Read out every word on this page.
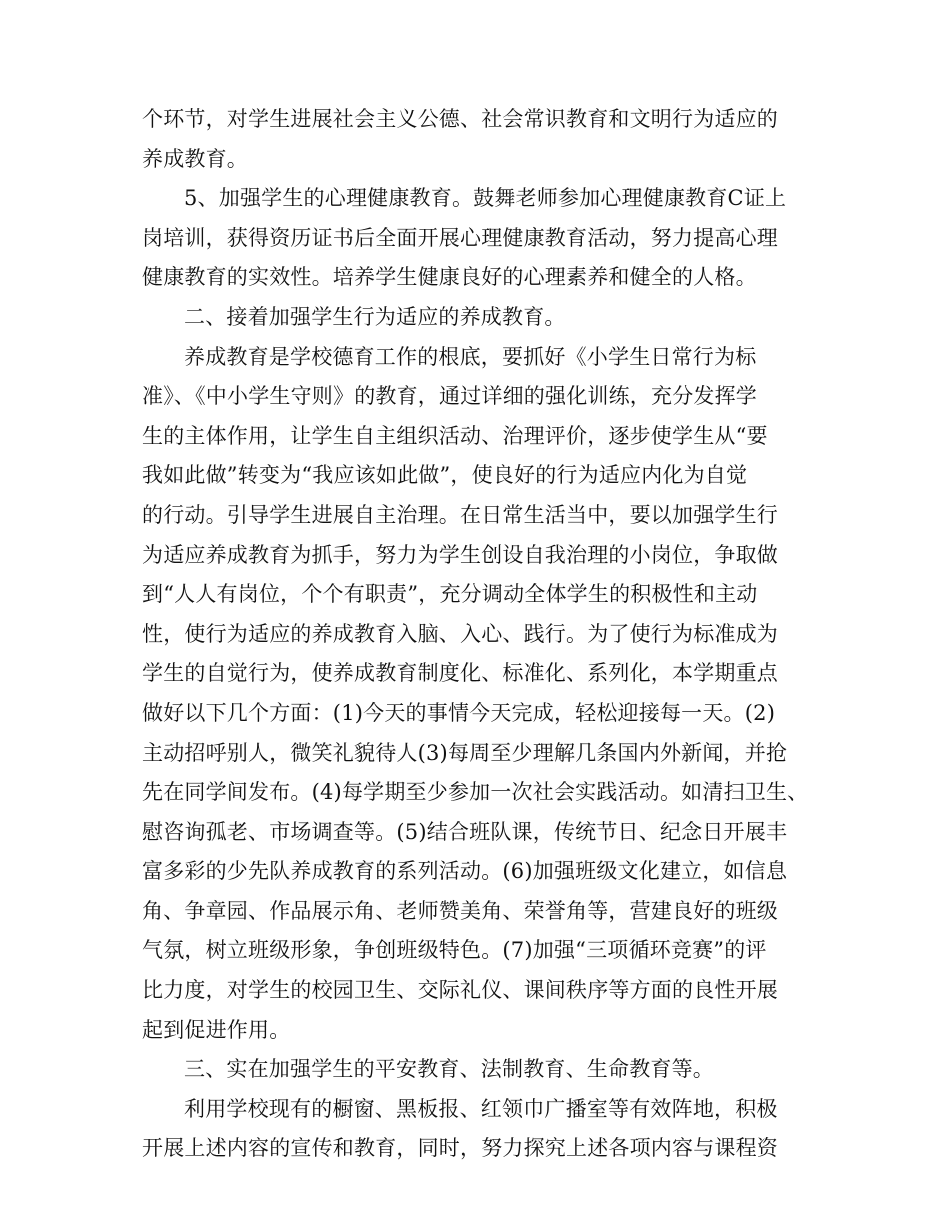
个环节，对学生进展社会主义公德、社会常识教育和文明行为适应的
养成教育。
5、加强学生的心理健康教育。鼓舞老师参加心理健康教育C证上
岗培训，获得资历证书后全面开展心理健康教育活动，努力提高心理
健康教育的实效性。培养学生健康良好的心理素养和健全的人格。
二、接着加强学生行为适应的养成教育。
养成教育是学校德育工作的根底，要抓好《小学生日常行为标
准》、《中小学生守则》的教育，通过详细的强化训练，充分发挥学
生的主体作用，让学生自主组织活动、治理评价，逐步使学生从“要
我如此做”转变为“我应该如此做”，使良好的行为适应内化为自觉
的行动。引导学生进展自主治理。在日常生活当中，要以加强学生行
为适应养成教育为抓手，努力为学生创设自我治理的小岗位，争取做
到“人人有岗位，个个有职责”，充分调动全体学生的积极性和主动
性，使行为适应的养成教育入脑、入心、践行。为了使行为标准成为
学生的自觉行为，使养成教育制度化、标准化、系列化，本学期重点
做好以下几个方面：(1)今天的事情今天完成，轻松迎接每一天。(2)
主动招呼别人，微笑礼貌待人(3)每周至少理解几条国内外新闻，并抢
先在同学间发布。(4)每学期至少参加一次社会实践活动。如清扫卫生、
慰咨询孤老、市场调查等。(5)结合班队课，传统节日、纪念日开展丰
富多彩的少先队养成教育的系列活动。(6)加强班级文化建立，如信息
角、争章园、作品展示角、老师赞美角、荣誉角等，营建良好的班级
气氛，树立班级形象，争创班级特色。(7)加强“三项循环竞赛”的评
比力度，对学生的校园卫生、交际礼仪、课间秩序等方面的良性开展
起到促进作用。
三、实在加强学生的平安教育、法制教育、生命教育等。
利用学校现有的橱窗、黑板报、红领巾广播室等有效阵地，积极
开展上述内容的宣传和教育，同时，努力探究上述各项内容与课程资
